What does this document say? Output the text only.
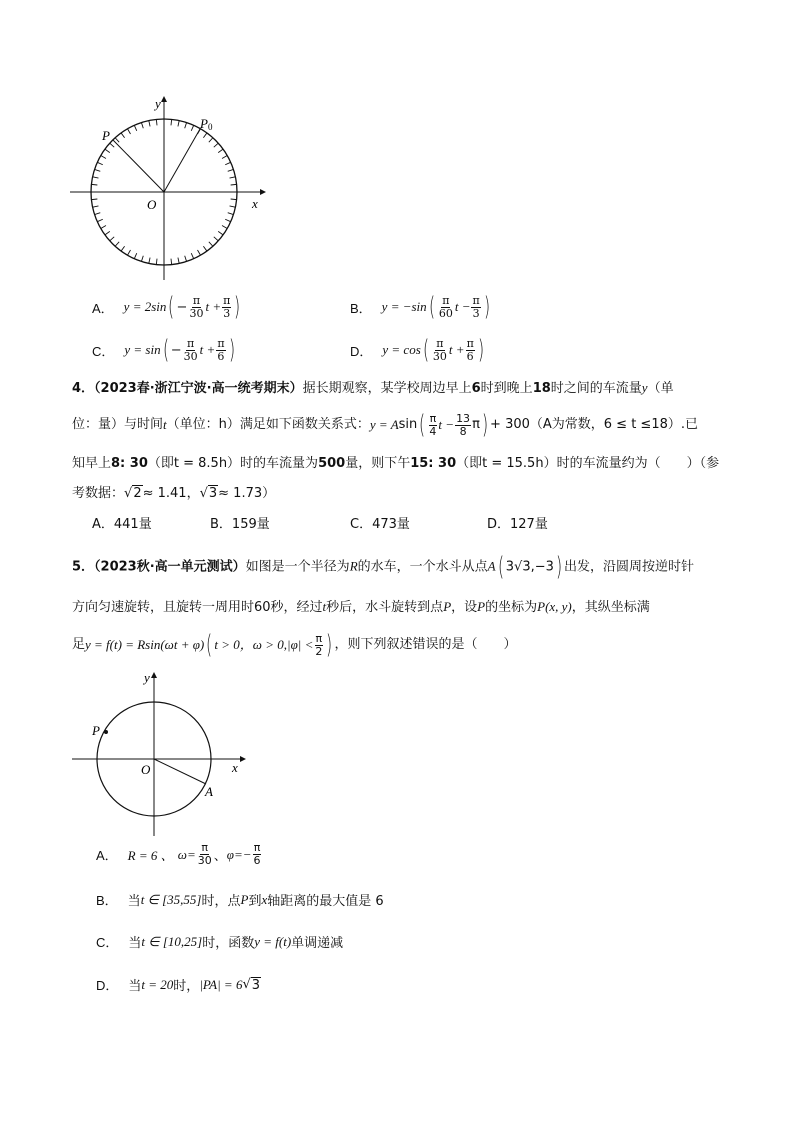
y
x
O
P
P0
A． y = 2sin ( − $\frac{\pi}{30}$ $t + \frac{\pi}{3}$ )	B． y = −sin ( $\frac{\pi}{60}$ $t - \frac{\pi}{3}$ )
C． y = sin ( − $\frac{\pi}{30}$ $t + \frac{\pi}{6}$ )	D． y = cos ( $\frac{\pi}{30}$ $t + \frac{\pi}{6}$ )
4．（2023春·浙江宁波·高一统考期末）据长期观察，某学校周边早上6时到晚上18时之间的车流量y（单
位：量）与时间 t （单位：h）满足如下函数关系式： y = A sin ( $\frac{\pi}{4}$ $t - \frac{13}{8}$ π ) + 300（A为常数，6 ≤ t ≤18）.已
知早上8: 30（即t = 8.5h）时的车流量为500量，则下午15: 30（即t = 15.5h）时的车流量约为（　　）（参
考数据：√2≈ 1.41，√3≈ 1.73）
A．441量	B．159量	C．473量	D．127量
5．（2023秋·高一单元测试）如图是一个半径为R的水车，一个水斗从点A( 3√3,−3) 出发，沿圆周按逆时针
方向匀速旋转，且旋转一周用时60秒，经过t秒后，水斗旋转到点P，设P的坐标为P(x, y)，其纵坐标满
足 y = f(t) = R sin(ωt + φ) ( t > 0，$\omega > 0,|\varphi| < \frac{\pi}{2}$ ) ，则下列叙述错误的是（　　）
y
x
O
P
A
A． R = 6 、
$\omega= \frac{\pi}{30}$ 、 $\varphi=- \frac{\pi}{6}$
B． 当 t ∈ [35,55] 时，点 P 到 x 轴距离的最大值是 6
C． 当 t ∈ [10,25] 时，函数 y = f(t) 单调递减
D． 当 t = 20 时， |PA| = 6 √ 3
